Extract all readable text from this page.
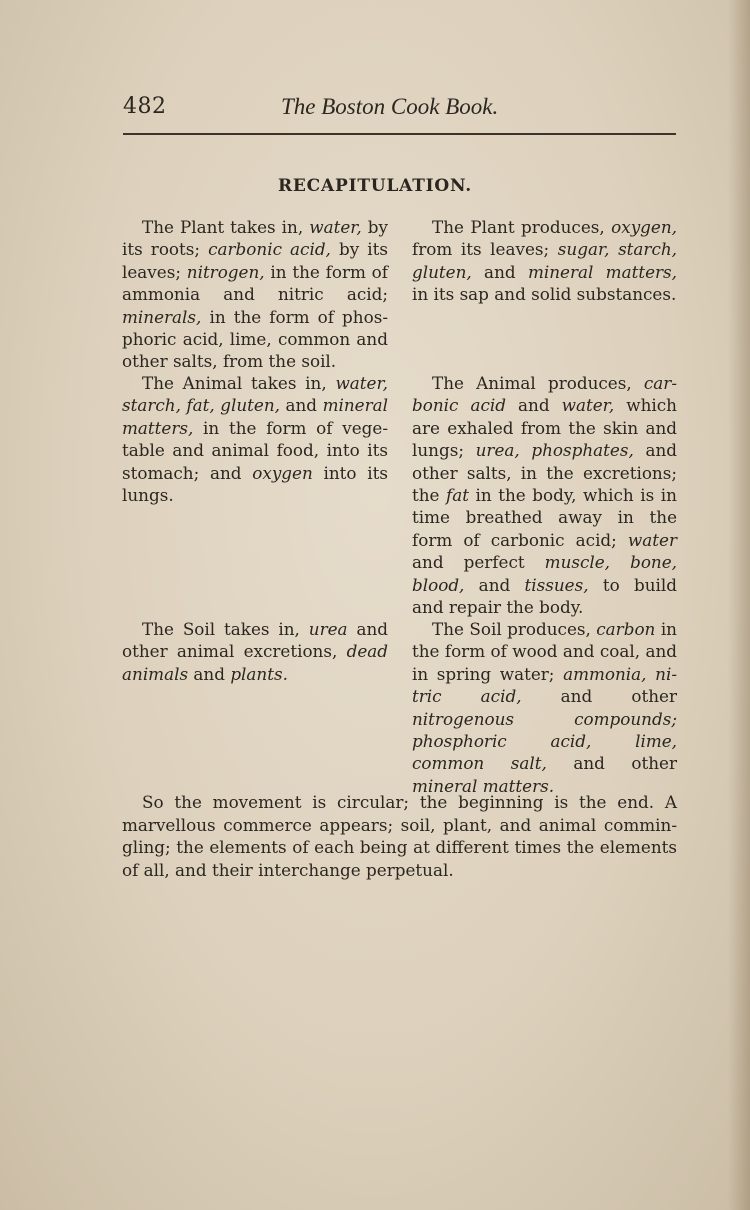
482	The Boston Cook Book.
RECAPITULATION.

The Plant takes in, water, by its roots; carbonic acid, by its leaves; nitrogen, in the form of ammonia and nitric acid; minerals, in the form of phosphoric acid, lime, common and other salts, from the soil.

The Plant produces, oxygen, from its leaves; sugar, starch, gluten, and mineral matters, in its sap and solid substances.

The Animal takes in, water, starch, fat, gluten, and mineral matters, in the form of vegetable and animal food, into its stomach; and oxygen into its lungs.

The Animal produces, carbonic acid and water, which are exhaled from the skin and lungs; urea, phosphates, and other salts, in the excretions; the fat in the body, which is in time breathed away in the form of carbonic acid; water and perfect muscle, bone, blood, and tissues, to build and repair the body.

The Soil takes in, urea and other animal excretions, dead animals and plants.

The Soil produces, carbon in the form of wood and coal, and in spring water; ammonia, nitric acid, and other nitrogenous compounds; phosphoric acid, lime, common salt, and other mineral matters.

So the movement is circular; the beginning is the end. A marvellous commerce appears; soil, plant, and animal commingling; the elements of each being at different times the elements of all, and their interchange perpetual.
